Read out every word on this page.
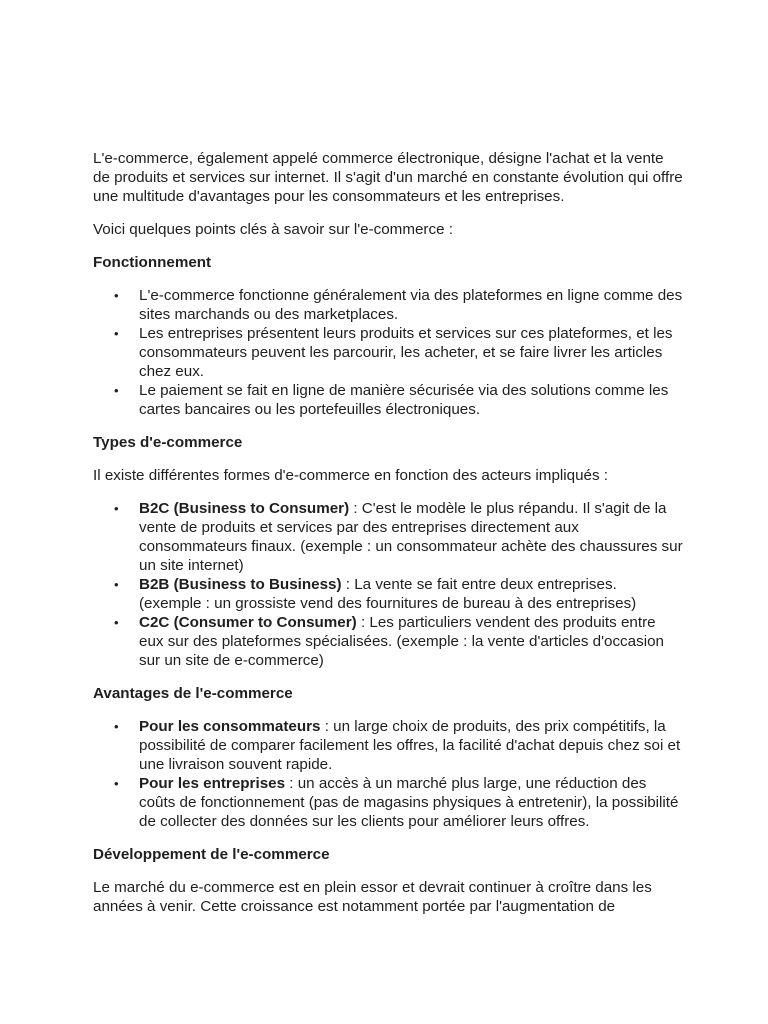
L'e-commerce, également appelé commerce électronique, désigne l'achat et la vente de produits et services sur internet. Il s'agit d'un marché en constante évolution qui offre une multitude d'avantages pour les consommateurs et les entreprises.

Voici quelques points clés à savoir sur l'e-commerce :

Fonctionnement
• L'e-commerce fonctionne généralement via des plateformes en ligne comme des sites marchands ou des marketplaces.
• Les entreprises présentent leurs produits et services sur ces plateformes, et les consommateurs peuvent les parcourir, les acheter, et se faire livrer les articles chez eux.
• Le paiement se fait en ligne de manière sécurisée via des solutions comme les cartes bancaires ou les portefeuilles électroniques.
Types d'e-commerce

Il existe différentes formes d'e-commerce en fonction des acteurs impliqués :

• B2C (Business to Consumer) : C'est le modèle le plus répandu. Il s'agit de la vente de produits et services par des entreprises directement aux consommateurs finaux. (exemple : un consommateur achète des chaussures sur un site internet)
• B2B (Business to Business) : La vente se fait entre deux entreprises. (exemple : un grossiste vend des fournitures de bureau à des entreprises)
• C2C (Consumer to Consumer) : Les particuliers vendent des produits entre eux sur des plateformes spécialisées. (exemple : la vente d'articles d'occasion sur un site de e-commerce)
Avantages de l'e-commerce
• Pour les consommateurs : un large choix de produits, des prix compétitifs, la possibilité de comparer facilement les offres, la facilité d'achat depuis chez soi et une livraison souvent rapide.
• Pour les entreprises : un accès à un marché plus large, une réduction des coûts de fonctionnement (pas de magasins physiques à entretenir), la possibilité de collecter des données sur les clients pour améliorer leurs offres.
Développement de l'e-commerce

Le marché du e-commerce est en plein essor et devrait continuer à croître dans les années à venir. Cette croissance est notamment portée par l'augmentation de
